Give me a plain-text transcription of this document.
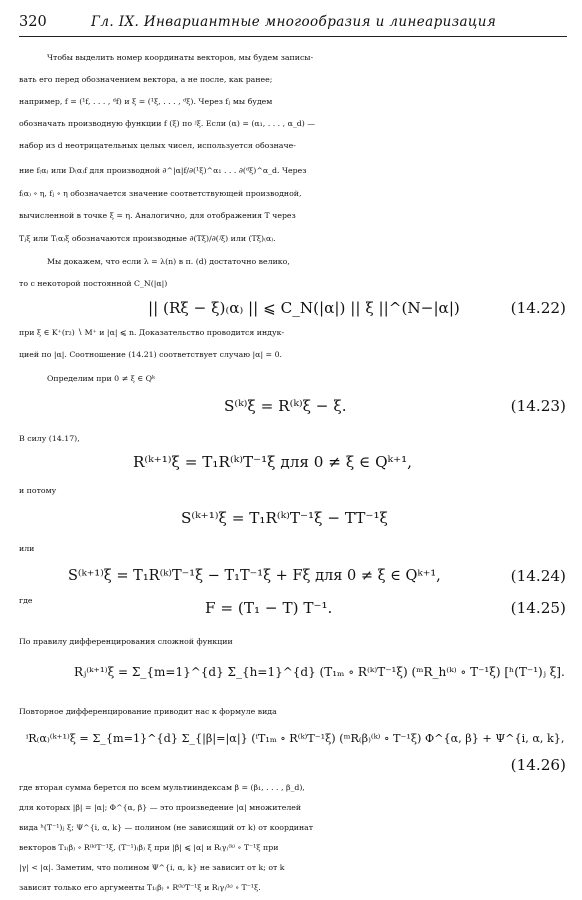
320	Гл. IX. Инвариантные многообразия и линеаризация
Чтобы выделить номер координаты векторов, мы будем записы-
вать его перед обозначением вектора, а не после, как ранее;
например, f = (¹f, . . . , ᵈf) и ξ = (¹ξ, . . . , ᵈξ). Через fⱼ мы будем
обозначать производную функции f (ξ) по ʲξ. Если (α) = (α₁, . . . , α_d) —
набор из d неотрицательных целых чисел, используется обозначе-
ние f₍α₎ или D₍α₎f для производной ∂^|α|f/∂(¹ξ)^α₁ . . . ∂(ᵈξ)^α_d. Через
f₍α₎ ∘ η, fⱼ ∘ η обозначается значение соответствующей производной,
вычисленной в точке ξ = η. Аналогично, для отображения T через
Tⱼξ или T₍α₎ξ обозначаются производные ∂(Tξ)/∂(ʲξ) или (Tξ)₍α₎.
Мы докажем, что если λ = λ(n) в п. (d) достаточно велико,
то с некоторой постоянной C_N(|α|)
|| (Rξ − ξ)₍α₎ || ⩽ C_N(|α|) || ξ ||^(N−|α|)	(14.22)
при ξ ∈ K⁺(r₂) ∖ M⁺ и |α| ⩽ n. Доказательство проводится индук-
цией по |α|. Соотношение (14.21) соответствует случаю |α| = 0.
Определим при 0 ≠ ξ ∈ Qᵏ
S⁽ᵏ⁾ξ = R⁽ᵏ⁾ξ − ξ.	(14.23)
В силу (14.17),
R⁽ᵏ⁺¹⁾ξ = T₁R⁽ᵏ⁾T⁻¹ξ для 0 ≠ ξ ∈ Qᵏ⁺¹,
и потому
S⁽ᵏ⁺¹⁾ξ = T₁R⁽ᵏ⁾T⁻¹ξ − TT⁻¹ξ
или
S⁽ᵏ⁺¹⁾ξ = T₁R⁽ᵏ⁾T⁻¹ξ − T₁T⁻¹ξ + Fξ для 0 ≠ ξ ∈ Qᵏ⁺¹,	(14.24)
где	F = (T₁ − T) T⁻¹.	(14.25)
По правилу дифференцирования сложной функции
Rⱼ⁽ᵏ⁺¹⁾ξ = Σ_{m=1}^{d} Σ_{h=1}^{d} (T₁ₘ ∘ R⁽ᵏ⁾T⁻¹ξ) (ᵐR_h⁽ᵏ⁾ ∘ T⁻¹ξ) [ʰ(T⁻¹)ⱼ ξ].
Повторное дифференцирование приводит нас к формуле вида
ⁱR₍α₎⁽ᵏ⁺¹⁾ξ = Σ_{m=1}^{d} Σ_{|β|=|α|} (ⁱT₁ₘ ∘ R⁽ᵏ⁾T⁻¹ξ) (ᵐR₍β₎⁽ᵏ⁾ ∘ T⁻¹ξ) Φ^{α, β} + Ψ^{i, α, k},
(14.26)
где вторая сумма берется по всем мультииндексам β = (β₁, . . . , β_d),
для которых |β| = |α|; Φ^{α, β} — это произведение |α| множителей
вида ʰ(T⁻¹)ⱼ ξ; Ψ^{i, α, k} — полином (не зависящий от k) от координат
векторов T₁₍β₎ ∘ R⁽ᵏ⁾T⁻¹ξ, (T⁻¹)₍β₎ ξ при |β| ⩽ |α| и R₍γ₎⁽ᵏ⁾ ∘ T⁻¹ξ при
|γ| < |α|. Заметим, что полином Ψ^{i, α, k} не зависит от k; от k
зависят только его аргументы T₁₍β₎ ∘ R⁽ᵏ⁾T⁻¹ξ и R₍γ₎⁽ᵏ⁾ ∘ T⁻¹ξ.
